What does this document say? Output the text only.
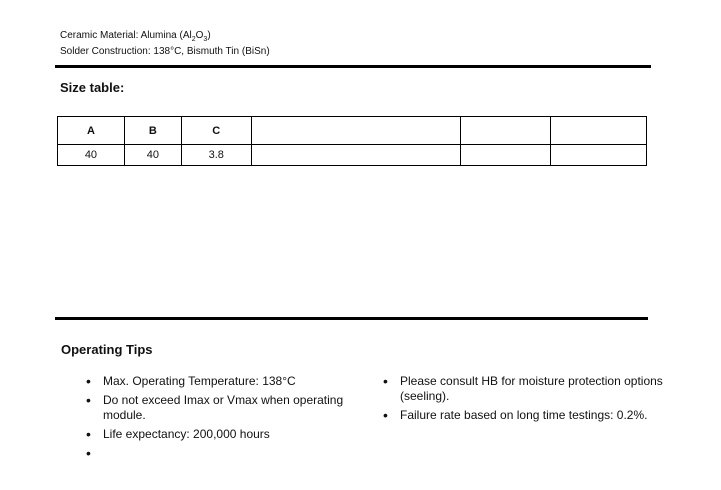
Ceramic Material: Alumina $(Al_2O_3)$
Solder Construction: 138°C, Bismuth Tin (BiSn)
Size table:
A	B	C			
40	40	3.8			
Operating Tips
• Max. Operating Temperature: 138°C
• Do not exceed Imax or Vmax when operating module.
• Life expectancy: 200,000 hours
•
• Please consult HB for moisture protection options (seeling).
• Failure rate based on long time testings: 0.2%.
